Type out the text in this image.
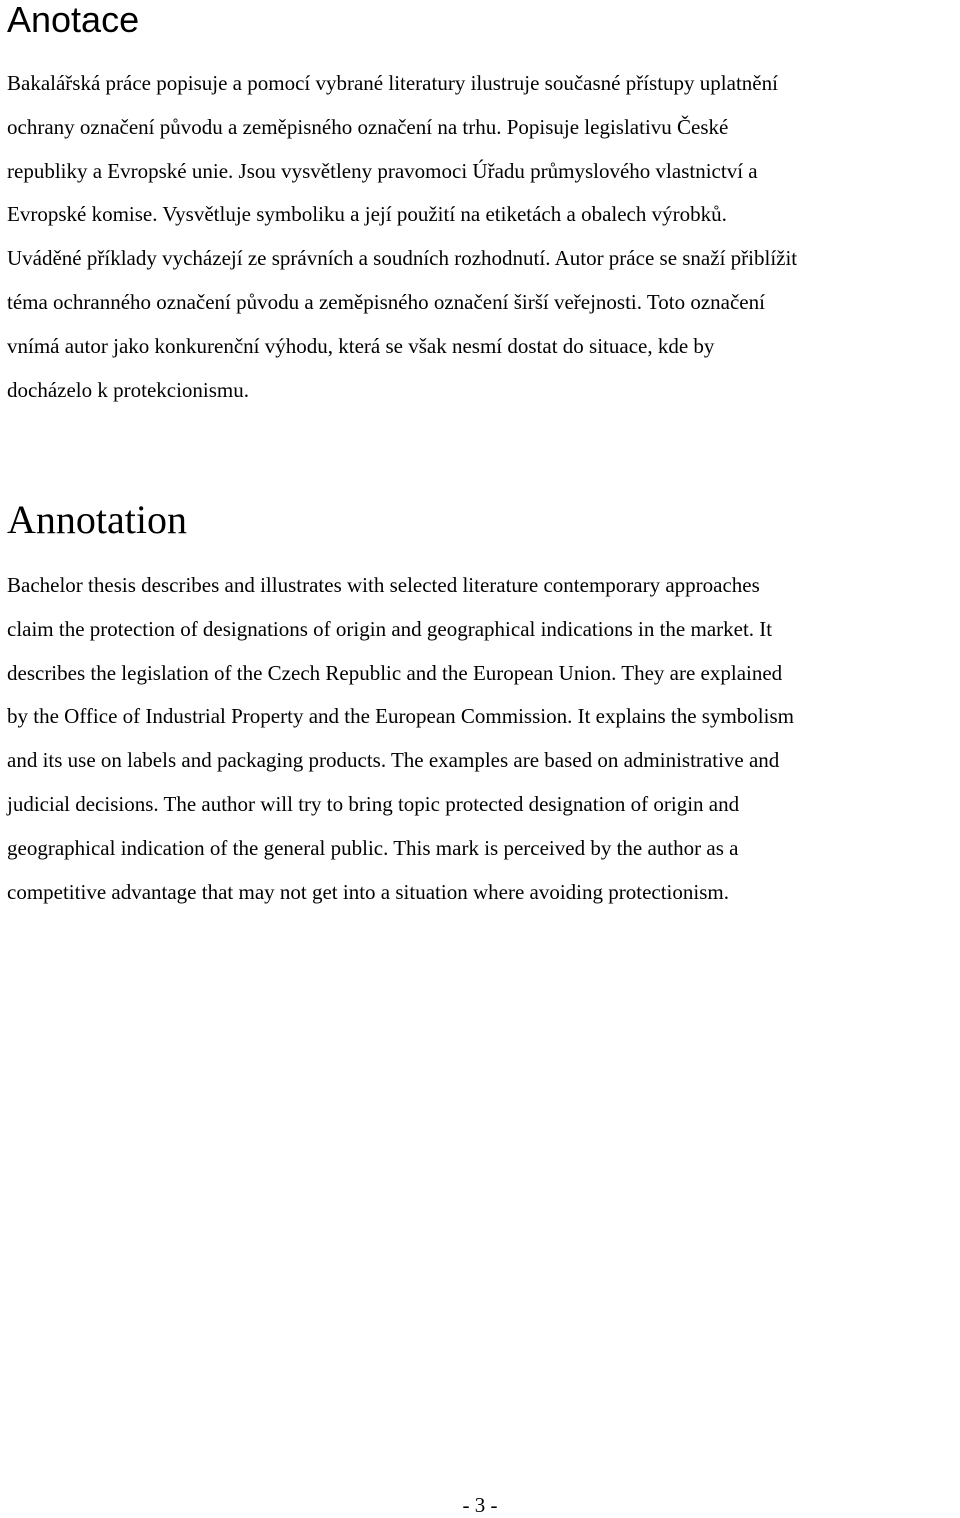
Anotace

Bakalářská práce popisuje a pomocí vybrané literatury ilustruje současné přístupy uplatnění
ochrany označení původu a zeměpisného označení na trhu. Popisuje legislativu České
republiky a Evropské unie. Jsou vysvětleny pravomoci Úřadu průmyslového vlastnictví a
Evropské komise. Vysvětluje symboliku a její použití na etiketách a obalech výrobků.
Uváděné příklady vycházejí ze správních a soudních rozhodnutí. Autor práce se snaží přiblížit
téma ochranného označení původu a zeměpisného označení širší veřejnosti. Toto označení
vnímá autor jako konkurenční výhodu, která se však nesmí dostat do situace, kde by
docházelo k protekcionismu.

Annotation

Bachelor thesis describes and illustrates with selected literature contemporary approaches
claim the protection of designations of origin and geographical indications in the market. It
describes the legislation of the Czech Republic and the European Union. They are explained
by the Office of Industrial Property and the European Commission. It explains the symbolism
and its use on labels and packaging products. The examples are based on administrative and
judicial decisions. The author will try to bring topic protected designation of origin and
geographical indication of the general public. This mark is perceived by the author as a
competitive advantage that may not get into a situation where avoiding protectionism.

- 3 -
